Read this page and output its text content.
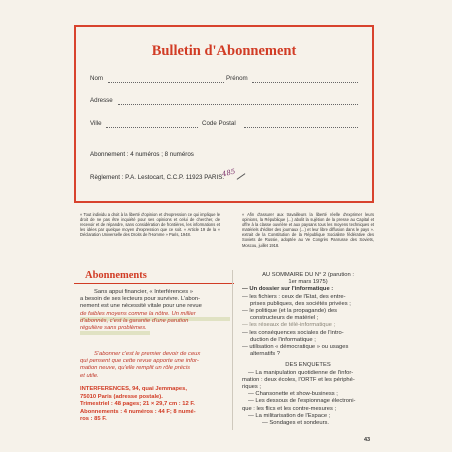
Bulletin d'Abonnement
Nom	Prénom
Adresse
Ville	Code Postal
Abonnement : 4 numéros ; 8 numéros
Règlement : P.A. Lestocart, C.C.P. 11923 PARIS.
485

« Tout individu a droit à la liberté d'opinion et d'expression ce qui implique le droit de ne pas être inquiété pour ses opinions et celui de chercher, de recevoir et de répandre, sans considération de frontières, les informations et les idées par quelque moyen d'expression que ce soit. » Article 19 de la « Déclaration Universelle des Droits de l'Homme » Paris, 1948.

« Afin d'assurer aux travailleurs la liberté réelle d'exprimer leurs opinions, la République (...) abolit la sujétion de la presse au Capital et offre à la classe ouvrière et aux paysans tous les moyens techniques et matériels d'éditer des journaux (...) et leur libre diffusion dans le pays ». extrait de la Constitution de la République Socialiste fédérative des Soviets de Russie, adoptée au Ve Congrès Panrusse des Soviets, Moscou, juillet 1918.

Abonnements
Sans appui financier, « Interférences »
a besoin de ses lecteurs pour survivre. L'abon-
nement est une nécessité vitale pour une revue
de faibles moyens comme la nôtre. Un millier
d'abonnés, c'est la garantie d'une parution
régulière sans problèmes.
S'abonner c'est le premier devoir de ceux
qui pensent que cette revue apporte une infor-
mation neuve, qu'elle remplit un rôle précis
et utile.
INTERFERENCES, 94, quai Jemmapes,
75010 Paris (adresse postale).
Trimestriel : 48 pages; 21 × 29,7 cm : 12 F.
Abonnements : 4 numéros : 44 F; 8 numé-
ros : 85 F.
AU SOMMAIRE DU N° 2 (parution :
1er mars 1975)
— Un dossier sur l'informatique :
— les fichiers : ceux de l'Etat, des entre-
prises publiques, des sociétés privées ;
— le politique (et la propagande) des
constructeurs de matériel ;
— les réseaux de télé-informatique ;
— les conséquences sociales de l'intro-
duction de l'informatique ;
— utilisation « démocratique » ou usages
alternatifs ?
DES ENQUETES
— La manipulation quotidienne de l'infor-
mation : deux écoles, l'ORTF et les périphé-
riques ;
— Chansonette et show-business ;
— Les dessous de l'espionnage électroni-
que : les flics et les contre-mesures ;
— La militarisation de l'Espace ;
— Sondages et sondeurs.
43
